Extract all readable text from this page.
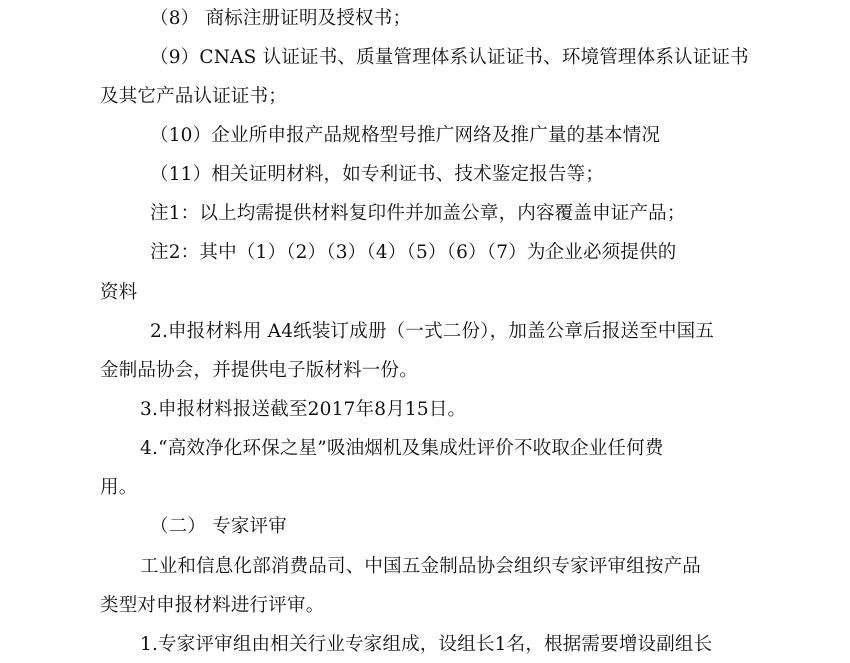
（8） 商标注册证明及授权书；
（9）CNAS 认证证书、质量管理体系认证证书、环境管理体系认证证书
及其它产品认证证书；
（10）企业所申报产品规格型号推广网络及推广量的基本情况
（11）相关证明材料，如专利证书、技术鉴定报告等；
注1：以上均需提供材料复印件并加盖公章，内容覆盖申证产品；
注2：其中（1）（2）（3）（4）（5）（6）（7）为企业必须提供的
资料
2.申报材料用 A4纸装订成册（一式二份），加盖公章后报送至中国五
金制品协会，并提供电子版材料一份。
3.申报材料报送截至2017年8月15日。
4.“高效净化环保之星”吸油烟机及集成灶评价不收取企业任何费
用。
（二） 专家评审
工业和信息化部消费品司、中国五金制品协会组织专家评审组按产品
类型对申报材料进行评审。
1.专家评审组由相关行业专家组成，设组长1名，根据需要增设副组长
